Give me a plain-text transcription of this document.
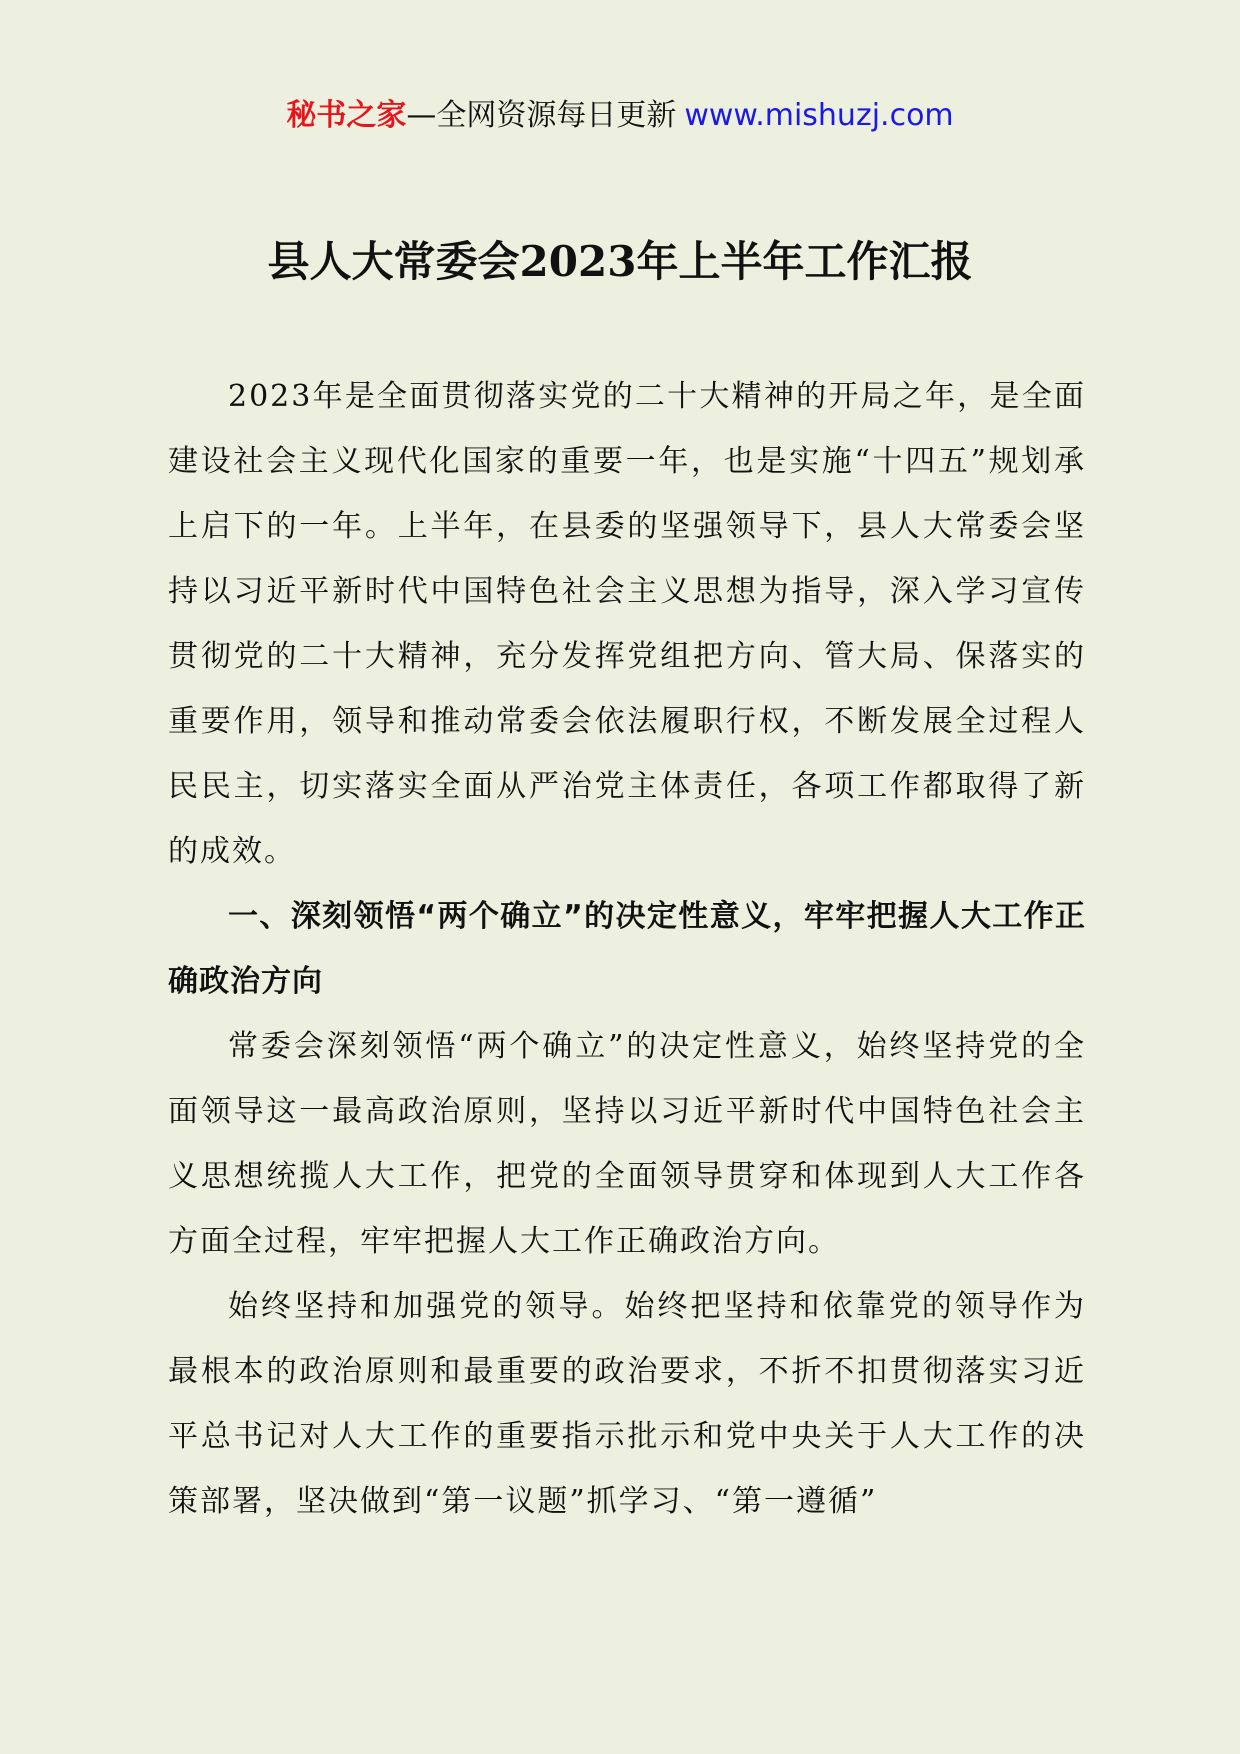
秘书之家—全网资源每日更新 www.mishuzj.com
县人大常委会2023年上半年工作汇报

2023年是全面贯彻落实党的二十大精神的开局之年，是全面建设社会主义现代化国家的重要一年，也是实施“十四五”规划承上启下的一年。上半年，在县委的坚强领导下，县人大常委会坚持以习近平新时代中国特色社会主义思想为指导，深入学习宣传贯彻党的二十大精神，充分发挥党组把方向、管大局、保落实的重要作用，领导和推动常委会依法履职行权，不断发展全过程人民民主，切实落实全面从严治党主体责任，各项工作都取得了新的成效。

一、深刻领悟“两个确立”的决定性意义，牢牢把握人大工作正确政治方向

常委会深刻领悟“两个确立”的决定性意义，始终坚持党的全面领导这一最高政治原则，坚持以习近平新时代中国特色社会主义思想统揽人大工作，把党的全面领导贯穿和体现到人大工作各方面全过程，牢牢把握人大工作正确政治方向。

始终坚持和加强党的领导。始终把坚持和依靠党的领导作为最根本的政治原则和最重要的政治要求，不折不扣贯彻落实习近平总书记对人大工作的重要指示批示和党中央关于人大工作的决策部署，坚决做到“第一议题”抓学习、“第一遵循”
